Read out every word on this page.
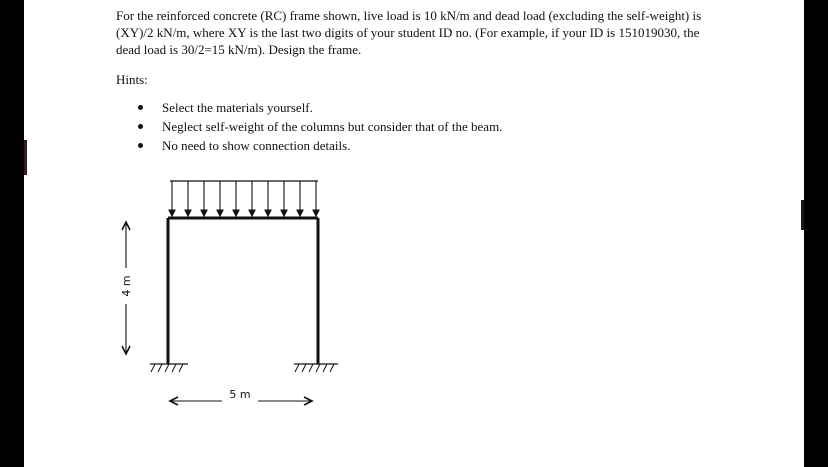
For the reinforced concrete (RC) frame shown, live load is 10 kN/m and dead load (excluding the self-weight) is (XY)/2 kN/m, where XY is the last two digits of your student ID no. (For example, if your ID is 151019030, the dead load is 30/2=15 kN/m). Design the frame.
Hints:
Select the materials yourself.
Neglect self-weight of the columns but consider that of the beam.
No need to show connection details.
4 m
5 m
